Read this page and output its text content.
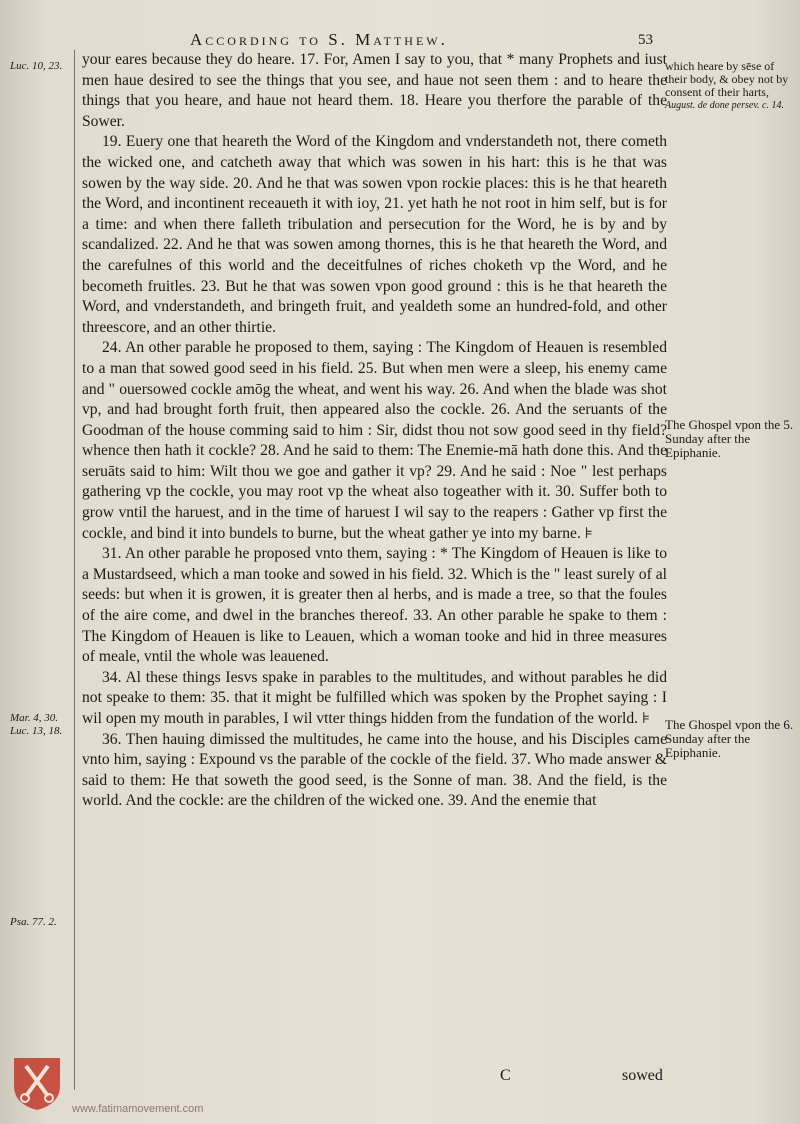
According to S. Matthew.	53

your eares because they do heare. 17. For, Amen I say to you, that * many Prophets and iust men haue desired to see the things that you see, and haue not seen them : and to heare the things that you heare, and haue not heard them. 18. Heare you therfore the parable of the Sower.

19. Euery one that heareth the Word of the Kingdom and vnderstandeth not, there cometh the wicked one, and catcheth away that which was sowen in his hart: this is he that was sowen by the way side. 20. And he that was sowen vpon rockie places: this is he that heareth the Word, and incontinent receaueth it with ioy, 21. yet hath he not root in him self, but is for a time: and when there falleth tribulation and persecution for the Word, he is by and by scandalized. 22. And he that was sowen among thornes, this is he that heareth the Word, and the carefulnes of this world and the deceitfulnes of riches choketh vp the Word, and he becometh fruitles. 23. But he that was sowen vpon good ground : this is he that heareth the Word, and vnderstandeth, and bringeth fruit, and yealdeth some an hundred-fold, and other threescore, and an other thirtie.

24. An other parable he proposed to them, saying : The Kingdom of Heauen is resembled to a man that sowed good seed in his field. 25. But when men were a sleep, his enemy came and " ouersowed cockle amōg the wheat, and went his way. 26. And when the blade was shot vp, and had brought forth fruit, then appeared also the cockle. 26. And the seruants of the Goodman of the house comming said to him : Sir, didst thou not sow good seed in thy field? whence then hath it cockle? 28. And he said to them: The Enemie-mā hath done this. And the seruāts said to him: Wilt thou we goe and gather it vp? 29. And he said : Noe " lest perhaps gathering vp the cockle, you may root vp the wheat also togeather with it. 30. Suffer both to grow vntil the haruest, and in the time of haruest I wil say to the reapers : Gather vp first the cockle, and bind it into bundels to burne, but the wheat gather ye into my barne. ⊧

31. An other parable he proposed vnto them, saying : * The Kingdom of Heauen is like to a Mustardseed, which a man tooke and sowed in his field. 32. Which is the " least surely of al seeds: but when it is growen, it is greater then al herbs, and is made a tree, so that the foules of the aire come, and dwel in the branches thereof. 33. An other parable he spake to them : The Kingdom of Heauen is like to Leauen, which a woman tooke and hid in three measures of meale, vntil the whole was leauened.

34. Al these things Iesvs spake in parables to the multitudes, and without parables he did not speake to them: 35. that it might be fulfilled which was spoken by the Prophet saying : I wil open my mouth in parables, I wil vtter things hidden from the fundation of the world. ⊧

36. Then hauing dimissed the multitudes, he came into the house, and his Disciples came vnto him, saying : Expound vs the parable of the cockle of the field. 37. Who made answer & said to them: He that soweth the good seed, is the Sonne of man. 38. And the field, is the world. And the cockle: are the children of the wicked one. 39. And the enemie that

Luc. 10, 23.
Mar. 4, 30. Luc. 13, 18.
Psa. 77. 2.
which heare by sēse of their body, & obey not by consent of their harts,
August. de done persev. c. 14.
The Ghospel vpon the 5. Sunday after the Epiphanie.
The Ghospel vpon the 6. Sunday after the Epiphanie.
C	sowed
www.fatimamovement.com
